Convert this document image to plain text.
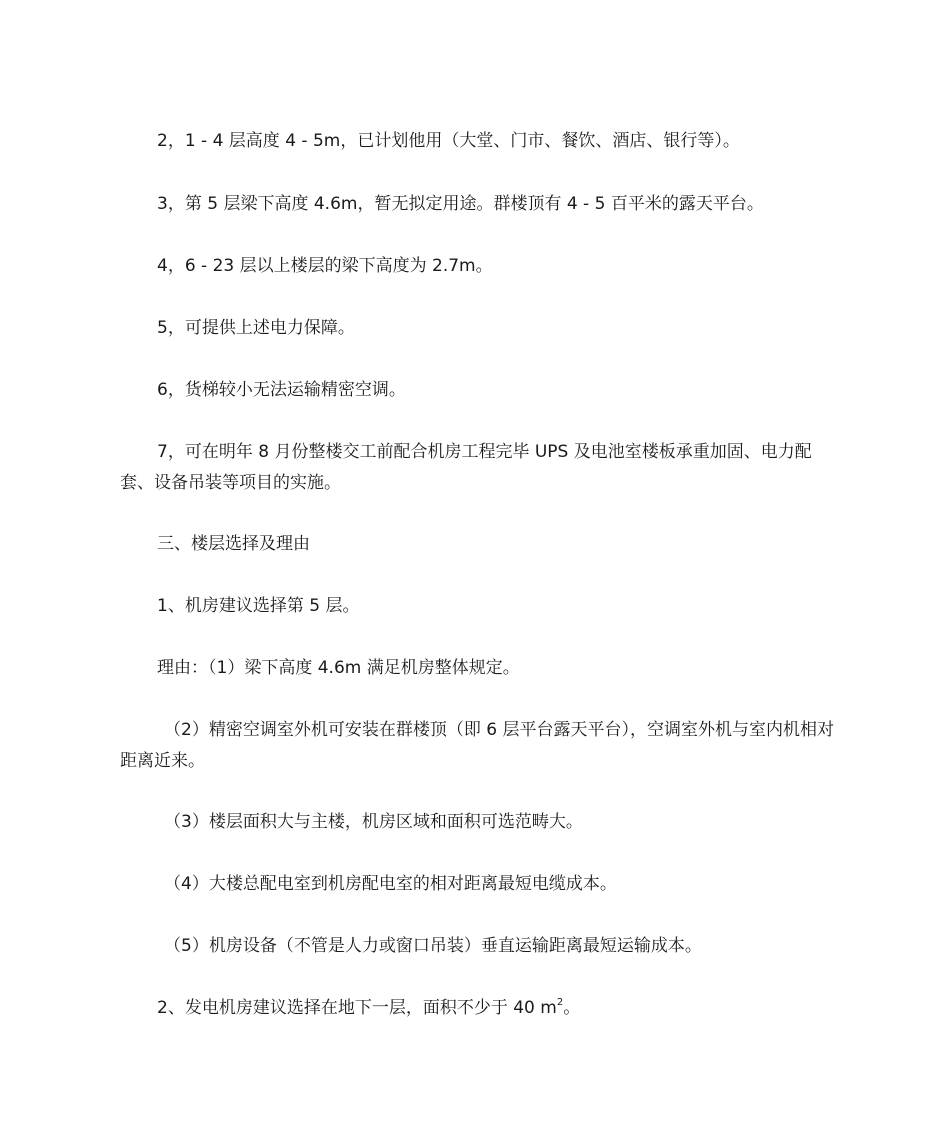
2，1 - 4 层高度 4 - 5m，已计划他用（大堂、门市、餐饮、酒店、银行等）。

3，第 5 层梁下高度 4.6m，暂无拟定用途。群楼顶有 4 - 5 百平米的露天平台。

4，6 - 23 层以上楼层的梁下高度为 2.7m。

5，可提供上述电力保障。

6，货梯较小无法运输精密空调。

7，可在明年 8 月份整楼交工前配合机房工程完毕 UPS 及电池室楼板承重加固、电力配套、设备吊装等项目的实施。

三、楼层选择及理由

1、机房建议选择第 5 层。

理由：（1）梁下高度 4.6m 满足机房整体规定。

（2）精密空调室外机可安装在群楼顶（即 6 层平台露天平台），空调室外机与室内机相对距离近来。

（3）楼层面积大与主楼，机房区域和面积可选范畴大。

（4）大楼总配电室到机房配电室的相对距离最短电缆成本。

（5）机房设备（不管是人力或窗口吊装）垂直运输距离最短运输成本。

2、发电机房建议选择在地下一层，面积不少于 40 $m^2$。
